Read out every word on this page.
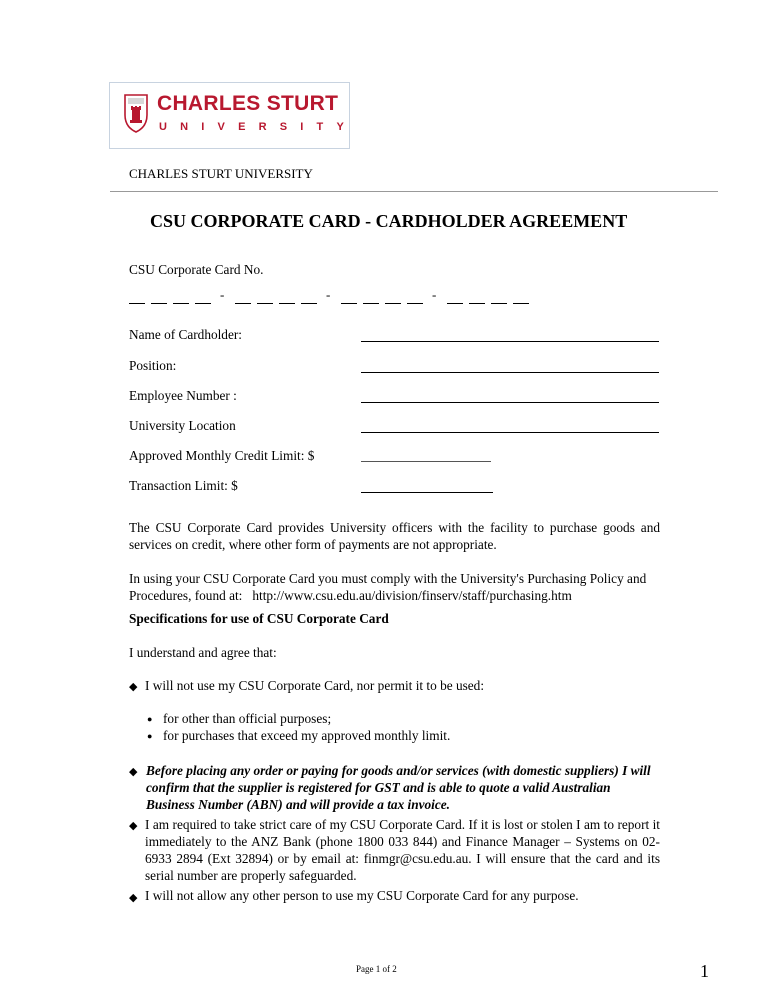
CHARLES STURT
UNIVERSITY
CHARLES STURT UNIVERSITY
CSU CORPORATE CARD - CARDHOLDER AGREEMENT
CSU Corporate Card No.
-	-	-
Name of Cardholder:
Position:
Employee Number :
University Location
Approved Monthly Credit Limit: $
Transaction Limit: $
The CSU Corporate Card provides University officers with the facility to purchase goods and services on credit, where other form of payments are not appropriate.
In using your CSU Corporate Card you must comply with the University's Purchasing Policy and Procedures, found at: http://www.csu.edu.au/division/finserv/staff/purchasing.htm
Specifications for use of CSU Corporate Card
I understand and agree that:
◆ I will not use my CSU Corporate Card, nor permit it to be used:
● for other than official purposes;
● for purchases that exceed my approved monthly limit.
◆ Before placing any order or paying for goods and/or services (with domestic suppliers) I will confirm that the supplier is registered for GST and is able to quote a valid Australian Business Number (ABN) and will provide a tax invoice.
◆ I am required to take strict care of my CSU Corporate Card. If it is lost or stolen I am to report it immediately to the ANZ Bank (phone 1800 033 844) and Finance Manager – Systems on 02-6933 2894 (Ext 32894) or by email at: finmgr@csu.edu.au. I will ensure that the card and its serial number are properly safeguarded.
◆ I will not allow any other person to use my CSU Corporate Card for any purpose.
Page 1 of 2	1
